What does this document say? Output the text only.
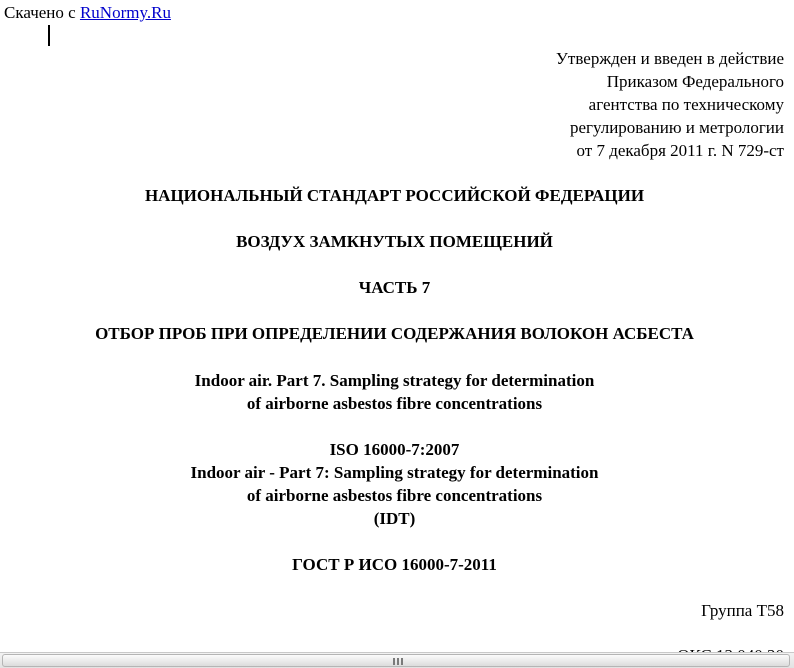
Скачено с RuNormy.Ru
Утвержден и введен в действие
Приказом Федерального
агентства по техническому
регулированию и метрологии
от 7 декабря 2011 г. N 729-ст
НАЦИОНАЛЬНЫЙ СТАНДАРТ РОССИЙСКОЙ ФЕДЕРАЦИИ
ВОЗДУХ ЗАМКНУТЫХ ПОМЕЩЕНИЙ
ЧАСТЬ 7
ОТБОР ПРОБ ПРИ ОПРЕДЕЛЕНИИ СОДЕРЖАНИЯ ВОЛОКОН АСБЕСТА
Indoor air. Part 7. Sampling strategy for determination
of airborne asbestos fibre concentrations
ISO 16000-7:2007
Indoor air - Part 7: Sampling strategy for determination
of airborne asbestos fibre concentrations
(IDT)
ГОСТ Р ИСО 16000-7-2011
Группа Т58
